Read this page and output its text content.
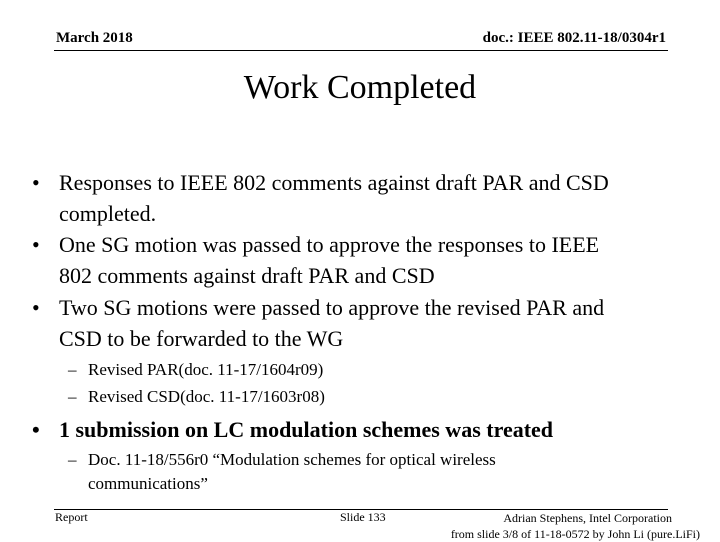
March 2018	doc.: IEEE 802.11-18/0304r1
Work Completed
• Responses to IEEE 802 comments against draft PAR and CSD
completed.
• One SG motion was passed to approve the responses to IEEE
802 comments against draft PAR and CSD
• Two SG motions were passed to approve the revised PAR and
CSD to be forwarded to the WG
– Revised PAR(doc. 11-17/1604r09)
– Revised CSD(doc. 11-17/1603r08)
• 1 submission on LC modulation schemes was treated
– Doc. 11-18/556r0 “Modulation schemes for optical wireless
communications”
Report	Slide 133	Adrian Stephens, Intel Corporation
from slide 3/8 of 11-18-0572 by John Li (pure.LiFi)
